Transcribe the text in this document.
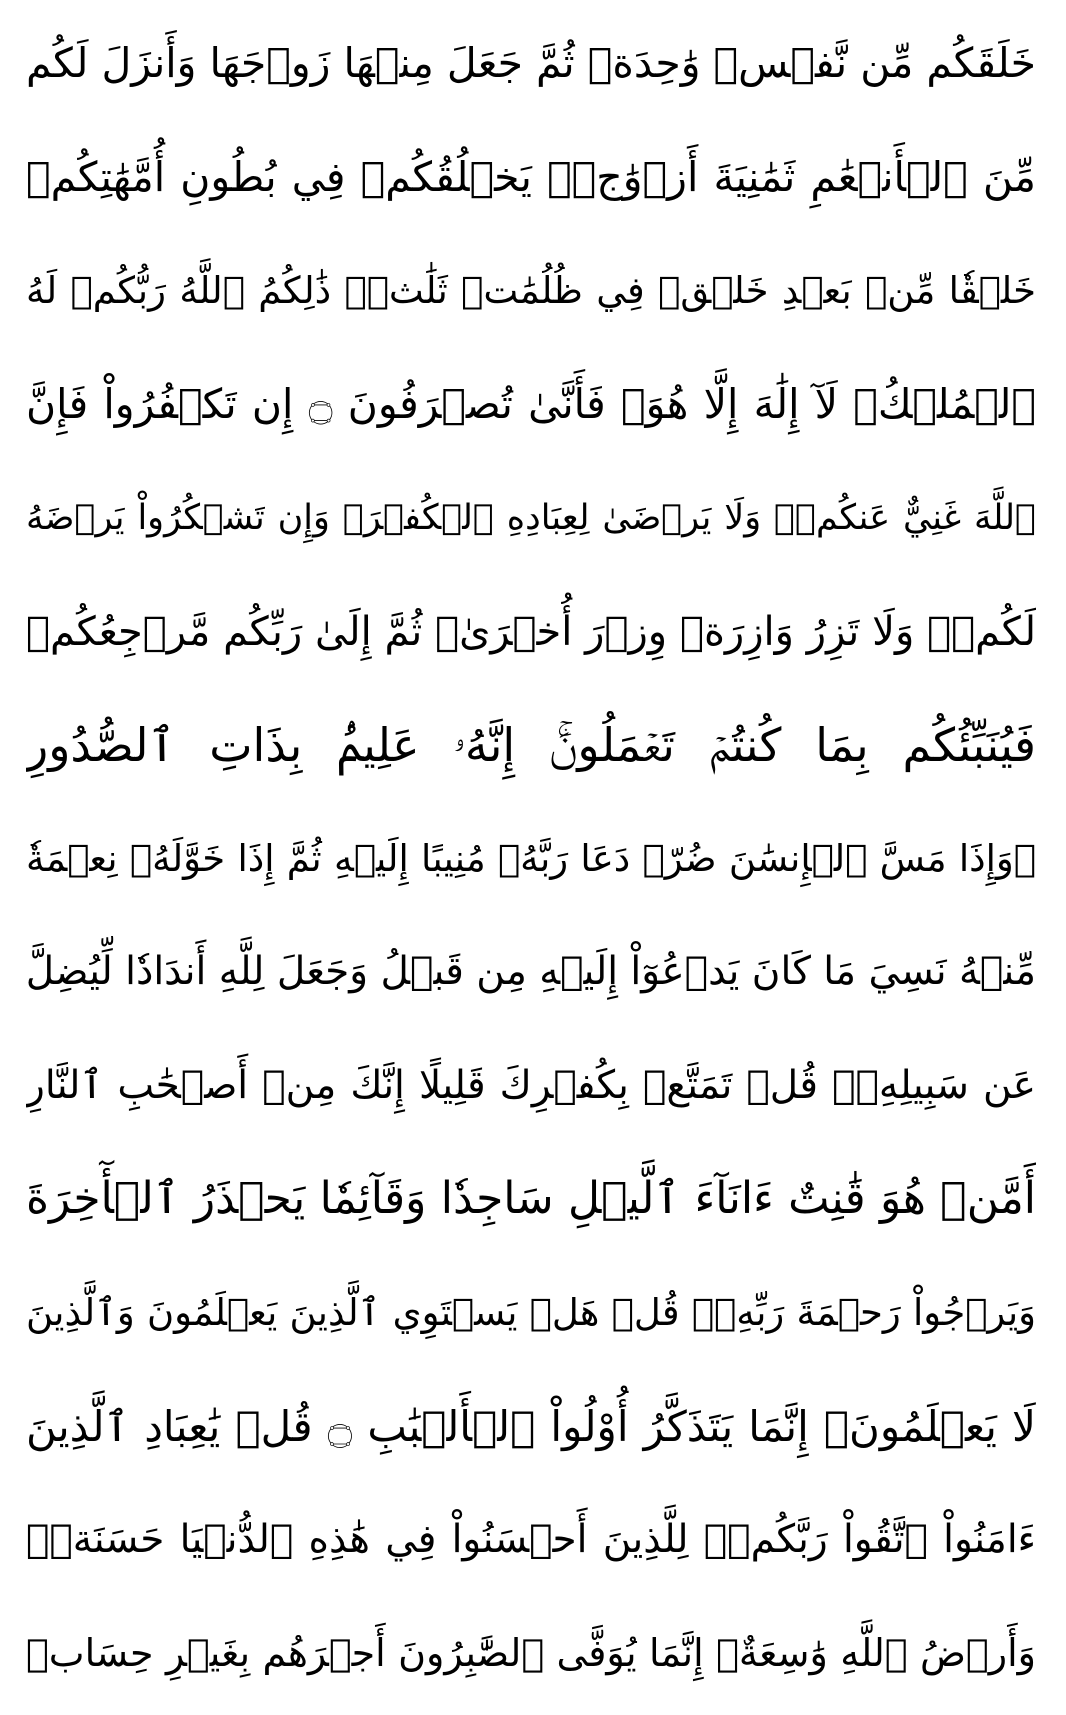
خَلَقَكُم مِّن نَّفۡسٖ وَٰحِدَةٖ ثُمَّ جَعَلَ مِنۡهَا زَوۡجَهَا وَأَنزَلَ لَكُم
مِّنَ ٱلۡأَنۡعَٰمِ ثَمَٰنِيَةَ أَزۡوَٰجٖۚ يَخۡلُقُكُمۡ فِي بُطُونِ أُمَّهَٰتِكُمۡ
خَلۡقٗا مِّنۢ بَعۡدِ خَلۡقٖ فِي ظُلُمَٰتٖ ثَلَٰثٖۚ ذَٰلِكُمُ ٱللَّهُ رَبُّكُمۡ لَهُ
ٱلۡمُلۡكُۖ لَآ إِلَٰهَ إِلَّا هُوَۖ فَأَنَّىٰ تُصۡرَفُونَ ۝ إِن تَكۡفُرُواْ فَإِنَّ
ٱللَّهَ غَنِيٌّ عَنكُمۡۖ وَلَا يَرۡضَىٰ لِعِبَادِهِ ٱلۡكُفۡرَۖ وَإِن تَشۡكُرُواْ يَرۡضَهُ
لَكُمۡۗ وَلَا تَزِرُ وَازِرَةٞ وِزۡرَ أُخۡرَىٰۚ ثُمَّ إِلَىٰ رَبِّكُم مَّرۡجِعُكُمۡ
فَيُنَبِّئُكُم بِمَا كُنتُمۡ تَعۡمَلُونَۚ إِنَّهُۥ عَلِيمُۢ بِذَاتِ ٱلصُّدُورِ
۞وَإِذَا مَسَّ ٱلۡإِنسَٰنَ ضُرّٞ دَعَا رَبَّهُۥ مُنِيبًا إِلَيۡهِ ثُمَّ إِذَا خَوَّلَهُۥ نِعۡمَةٗ
مِّنۡهُ نَسِيَ مَا كَانَ يَدۡعُوٓاْ إِلَيۡهِ مِن قَبۡلُ وَجَعَلَ لِلَّهِ أَندَادٗا لِّيُضِلَّ
عَن سَبِيلِهِۦۚ قُلۡ تَمَتَّعۡ بِكُفۡرِكَ قَلِيلًا إِنَّكَ مِنۡ أَصۡحَٰبِ ٱلنَّارِ
أَمَّنۡ هُوَ قَٰنِتٌ ءَانَآءَ ٱلَّيۡلِ سَاجِدٗا وَقَآئِمٗا يَحۡذَرُ ٱلۡأٓخِرَةَ
وَيَرۡجُواْ رَحۡمَةَ رَبِّهِۦۗ قُلۡ هَلۡ يَسۡتَوِي ٱلَّذِينَ يَعۡلَمُونَ وَٱلَّذِينَ
لَا يَعۡلَمُونَۗ إِنَّمَا يَتَذَكَّرُ أُوْلُواْ ٱلۡأَلۡبَٰبِ ۝ قُلۡ يَٰعِبَادِ ٱلَّذِينَ
ءَامَنُواْ ٱتَّقُواْ رَبَّكُمۡۚ لِلَّذِينَ أَحۡسَنُواْ فِي هَٰذِهِ ٱلدُّنۡيَا حَسَنَةٞۗ
وَأَرۡضُ ٱللَّهِ وَٰسِعَةٌۗ إِنَّمَا يُوَفَّى ٱلصَّٰبِرُونَ أَجۡرَهُم بِغَيۡرِ حِسَابٖ
